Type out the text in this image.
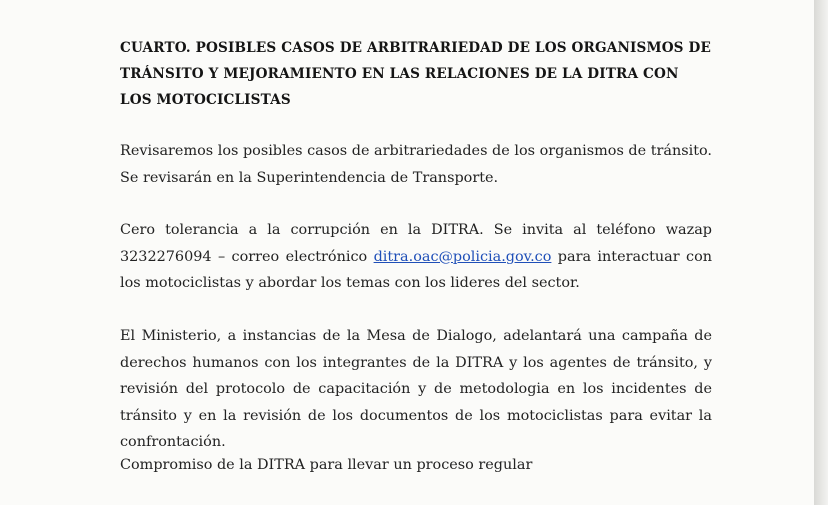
CUARTO. POSIBLES CASOS DE ARBITRARIEDAD DE LOS ORGANISMOS DE TRÁNSITO Y MEJORAMIENTO EN LAS RELACIONES DE LA DITRA CON LOS MOTOCICLISTAS

Revisaremos los posibles casos de arbitrariedades de los organismos de tránsito. Se revisarán en la Superintendencia de Transporte.

Cero tolerancia a la corrupción en la DITRA. Se invita al teléfono wazap 3232276094 – correo electrónico ditra.oac@policia.gov.co para interactuar con los motociclistas y abordar los temas con los lideres del sector.

El Ministerio, a instancias de la Mesa de Dialogo, adelantará una campaña de derechos humanos con los integrantes de la DITRA y los agentes de tránsito, y revisión del protocolo de capacitación y de metodologia en los incidentes de tránsito y en la revisión de los documentos de los motociclistas para evitar la confrontación.

Compromiso de la DITRA para llevar un proceso regular
